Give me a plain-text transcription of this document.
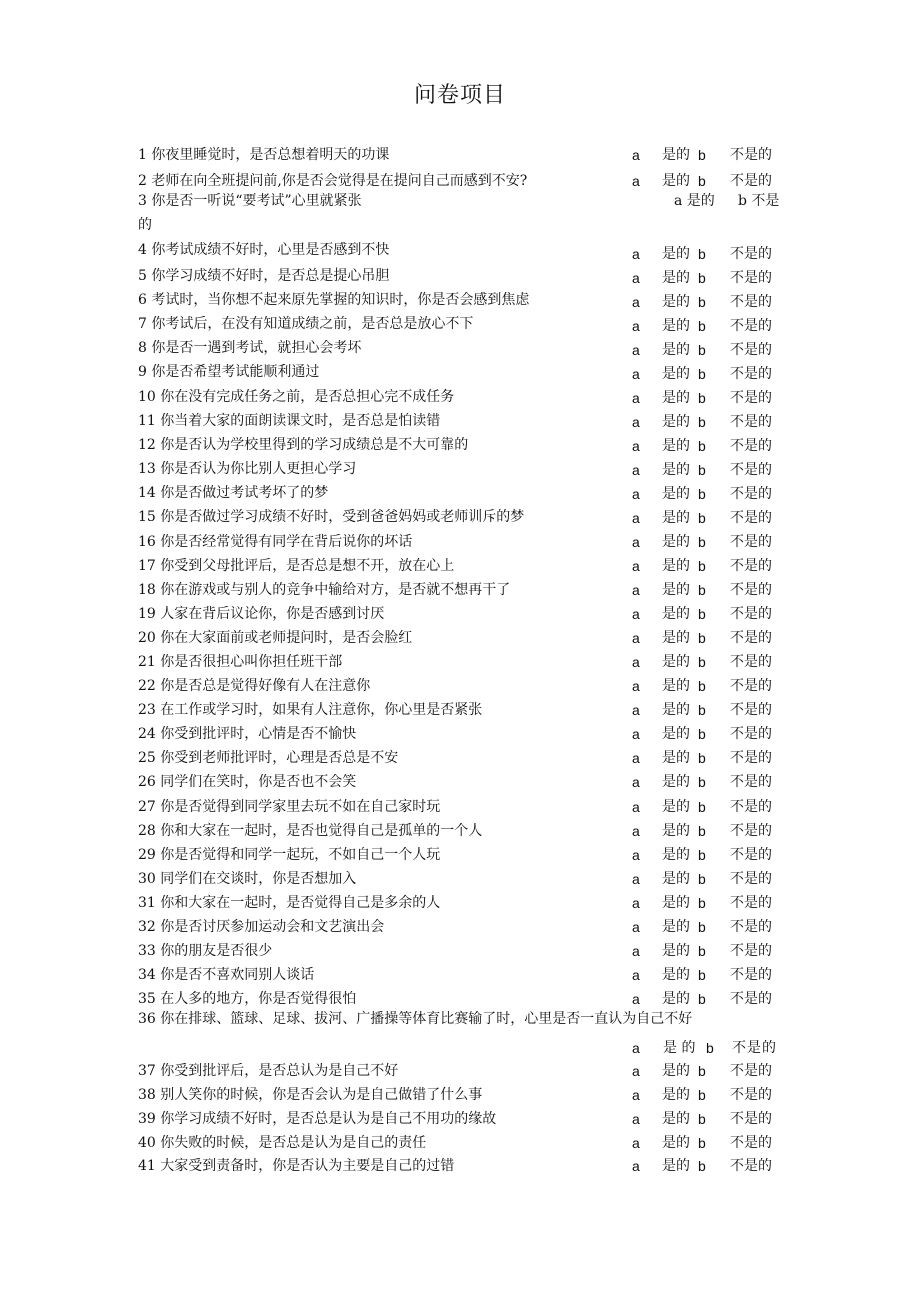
问卷项目
1 你夜里睡觉时，是否总想着明天的功课	a 是的 b 不是的
2 老师在向全班提问前,你是否会觉得是在提问自己而感到不安?	a 是的 b 不是的
3 你是否一听说“要考试”心里就紧张	a 是的 b 不是
的
4 你考试成绩不好时，心里是否感到不快	a 是的 b 不是的
5 你学习成绩不好时，是否总是提心吊胆	a 是的 b 不是的
6 考试时，当你想不起来原先掌握的知识时，你是否会感到焦虑	a 是的 b 不是的
7 你考试后，在没有知道成绩之前，是否总是放心不下	a 是的 b 不是的
8 你是否一遇到考试，就担心会考坏	a 是的 b 不是的
9 你是否希望考试能顺利通过	a 是的 b 不是的
10 你在没有完成任务之前，是否总担心完不成任务	a 是的 b 不是的
11 你当着大家的面朗读课文时，是否总是怕读错	a 是的 b 不是的
12 你是否认为学校里得到的学习成绩总是不大可靠的	a 是的 b 不是的
13 你是否认为你比别人更担心学习	a 是的 b 不是的
14 你是否做过考试考坏了的梦	a 是的 b 不是的
15 你是否做过学习成绩不好时，受到爸爸妈妈或老师训斥的梦	a 是的 b 不是的
16 你是否经常觉得有同学在背后说你的坏话	a 是的 b 不是的
17 你受到父母批评后，是否总是想不开，放在心上	a 是的 b 不是的
18 你在游戏或与别人的竞争中输给对方，是否就不想再干了	a 是的 b 不是的
19 人家在背后议论你，你是否感到讨厌	a 是的 b 不是的
20 你在大家面前或老师提问时，是否会脸红	a 是的 b 不是的
21 你是否很担心叫你担任班干部	a 是的 b 不是的
22 你是否总是觉得好像有人在注意你	a 是的 b 不是的
23 在工作或学习时，如果有人注意你，你心里是否紧张	a 是的 b 不是的
24 你受到批评时，心情是否不愉快	a 是的 b 不是的
25 你受到老师批评时，心理是否总是不安	a 是的 b 不是的
26 同学们在笑时，你是否也不会笑	a 是的 b 不是的
27 你是否觉得到同学家里去玩不如在自己家时玩	a 是的 b 不是的
28 你和大家在一起时，是否也觉得自己是孤单的一个人	a 是的 b 不是的
29 你是否觉得和同学一起玩，不如自己一个人玩	a 是的 b 不是的
30 同学们在交谈时，你是否想加入	a 是的 b 不是的
31 你和大家在一起时，是否觉得自己是多余的人	a 是的 b 不是的
32 你是否讨厌参加运动会和文艺演出会	a 是的 b 不是的
33 你的朋友是否很少	a 是的 b 不是的
34 你是否不喜欢同别人谈话	a 是的 b 不是的
35 在人多的地方，你是否觉得很怕	a 是的 b 不是的
36 你在排球、篮球、足球、拔河、广播操等体育比赛输了时，心里是否一直认为自己不好
a 是 的 b 不是的
37 你受到批评后，是否总认为是自己不好	a 是的 b 不是的
38 别人笑你的时候，你是否会认为是自己做错了什么事	a 是的 b 不是的
39 你学习成绩不好时，是否总是认为是自己不用功的缘故	a 是的 b 不是的
40 你失败的时候，是否总是认为是自己的责任	a 是的 b 不是的
41 大家受到责备时，你是否认为主要是自己的过错	a 是的 b 不是的
